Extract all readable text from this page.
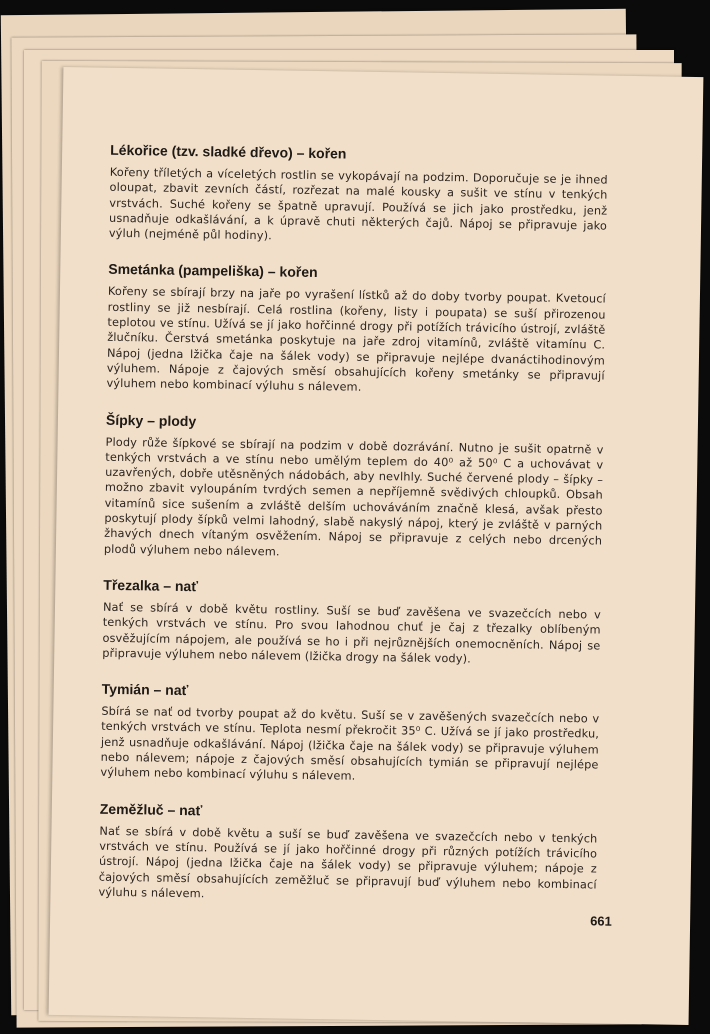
Lékořice (tzv. sladké dřevo) – kořen

Kořeny tříletých a víceletých rostlin se vykopávají na podzim. Doporučuje se je ihned oloupat, zbavit zevních částí, rozřezat na malé kousky a sušit ve stínu v tenkých vrstvách. Suché kořeny se špatně upravují. Používá se jich jako prostředku, jenž usnadňuje odkašlávání, a k úpravě chuti některých čajů. Nápoj se připravuje jako výluh (nejméně půl hodiny).

Smetánka (pampeliška) – kořen

Kořeny se sbírají brzy na jaře po vyrašení lístků až do doby tvorby poupat. Kvetoucí rostliny se již nesbírají. Celá rostlina (kořeny, listy i poupata) se suší přirozenou teplotou ve stínu. Užívá se jí jako hořčinné drogy při potížích trávicího ústrojí, zvláště žlučníku. Čerstvá smetánka poskytuje na jaře zdroj vitamínů, zvláště vitamínu C. Nápoj (jedna lžička čaje na šálek vody) se připravuje nejlépe dvanáctihodinovým výluhem. Nápoje z čajových směsí obsahujících kořeny smetánky se připravují výluhem nebo kombinací výluhu s nálevem.

Šípky – plody

Plody růže šípkové se sbírají na podzim v době dozrávání. Nutno je sušit opatrně v tenkých vrstvách a ve stínu nebo umělým teplem do 40⁰ až 50⁰ C a uchovávat v uzavřených, dobře utěsněných nádobách, aby nevlhly. Suché červené plody – šípky – možno zbavit vyloupáním tvrdých semen a nepříjemně svědivých chloupků. Obsah vitamínů sice sušením a zvláště delším uchováváním značně klesá, avšak přesto poskytují plody šípků velmi lahodný, slabě nakyslý nápoj, který je zvláště v parných žhavých dnech vítaným osvěžením. Nápoj se připravuje z celých nebo drcených plodů výluhem nebo nálevem.

Třezalka – nať

Nať se sbírá v době květu rostliny. Suší se buď zavěšena ve svazečcích nebo v tenkých vrstvách ve stínu. Pro svou lahodnou chuť je čaj z třezalky oblíbeným osvěžujícím nápojem, ale používá se ho i při nejrůznějších onemocněních. Nápoj se připravuje výluhem nebo nálevem (lžička drogy na šálek vody).

Tymián – nať

Sbírá se nať od tvorby poupat až do květu. Suší se v zavěšených svazečcích nebo v tenkých vrstvách ve stínu. Teplota nesmí překročit 35⁰ C. Užívá se jí jako prostředku, jenž usnadňuje odkašlávání. Nápoj (lžička čaje na šálek vody) se připravuje výluhem nebo nálevem; nápoje z čajových směsí obsahujících tymián se připravují nejlépe výluhem nebo kombinací výluhu s nálevem.

Zeměžluč – nať

Nať se sbírá v době květu a suší se buď zavěšena ve svazečcích nebo v tenkých vrstvách ve stínu. Používá se jí jako hořčinné drogy při různých potížích trávicího ústrojí. Nápoj (jedna lžička čaje na šálek vody) se připravuje výluhem; nápoje z čajových směsí obsahujících zeměžluč se připravují buď výluhem nebo kombinací výluhu s nálevem.

661
